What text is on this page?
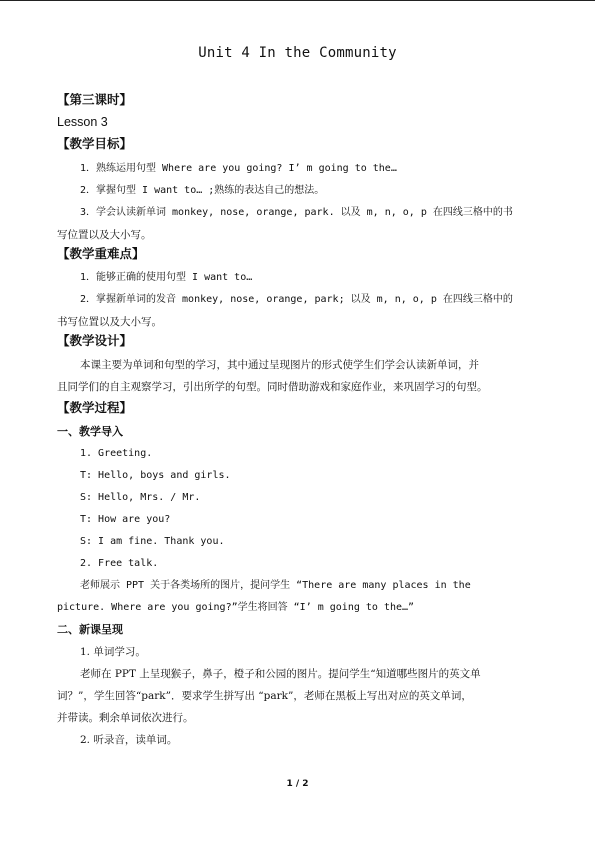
Unit 4 In the Community
【第三课时】
Lesson 3
【教学目标】
1．熟练运用句型 Where are you going? I’ m going to the…
2．掌握句型 I want to… ;熟练的表达自己的想法。
3．学会认读新单词 monkey, nose, orange, park. 以及 m, n, o, p 在四线三格中的书
写位置以及大小写。
【教学重难点】
1．能够正确的使用句型 I want to…
2．掌握新单词的发音 monkey, nose, orange, park; 以及 m, n, o, p 在四线三格中的
书写位置以及大小写。
【教学设计】
本课主要为单词和句型的学习，其中通过呈现图片的形式使学生们学会认读新单词，并
且同学们的自主观察学习，引出所学的句型。同时借助游戏和家庭作业，来巩固学习的句型。
【教学过程】
一、教学导入
1. Greeting.
T: Hello, boys and girls.
S: Hello, Mrs. / Mr.
T: How are you?
S: I am fine. Thank you.
2. Free talk.
老师展示 PPT 关于各类场所的图片，提问学生 “There are many places in the
picture. Where are you going?”学生将回答 “I’ m going to the…”
二、新课呈现
1. 单词学习。
老师在 PPT 上呈现猴子，鼻子，橙子和公园的图片。提问学生“知道哪些图片的英文单
词？”，学生回答“park”．要求学生拼写出 “park”，老师在黑板上写出对应的英文单词，
并带读。剩余单词依次进行。
2. 听录音，读单词。
1 / 2
